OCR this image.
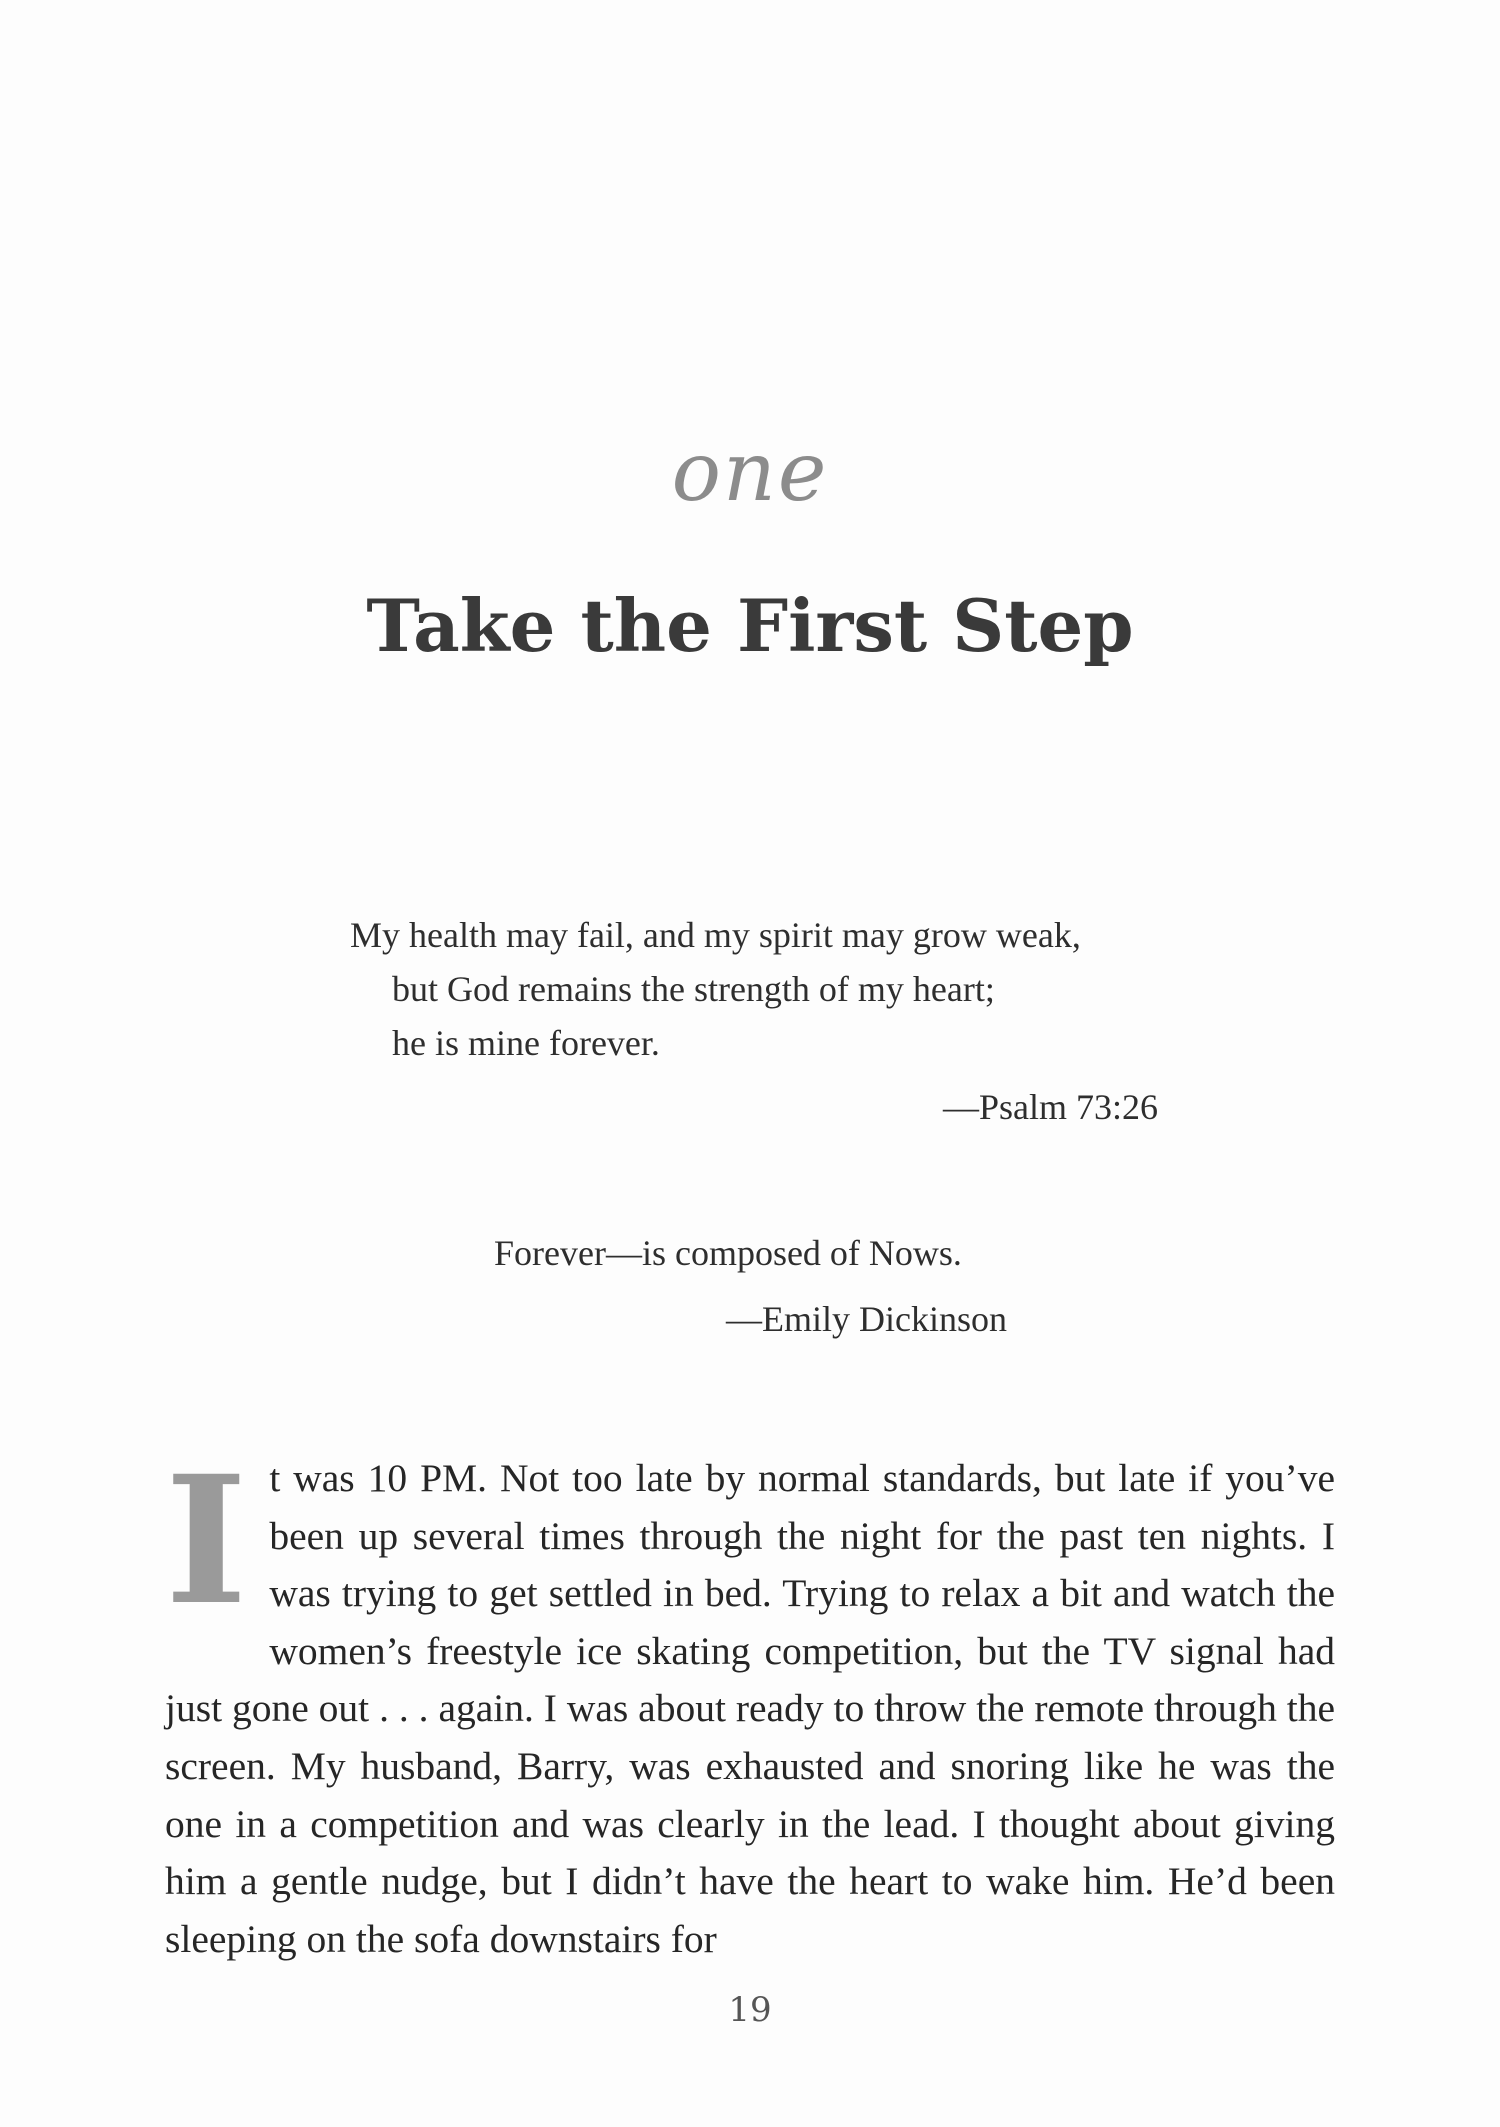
one
Take the First Step
My health may fail, and my spirit may grow weak,
but God remains the strength of my heart;
he is mine forever.
—Psalm 73:26
Forever—is composed of Nows.
—Emily Dickinson

It was 10 PM. Not too late by normal standards, but late if you’ve been up several times through the night for the past ten nights. I was trying to get settled in bed. Trying to relax a bit and watch the women’s freestyle ice skating competition, but the TV signal had just gone out . . . again. I was about ready to throw the remote through the screen. My husband, Barry, was exhausted and snoring like he was the one in a competition and was clearly in the lead. I thought about giving him a gentle nudge, but I didn’t have the heart to wake him. He’d been sleeping on the sofa downstairs for

19
